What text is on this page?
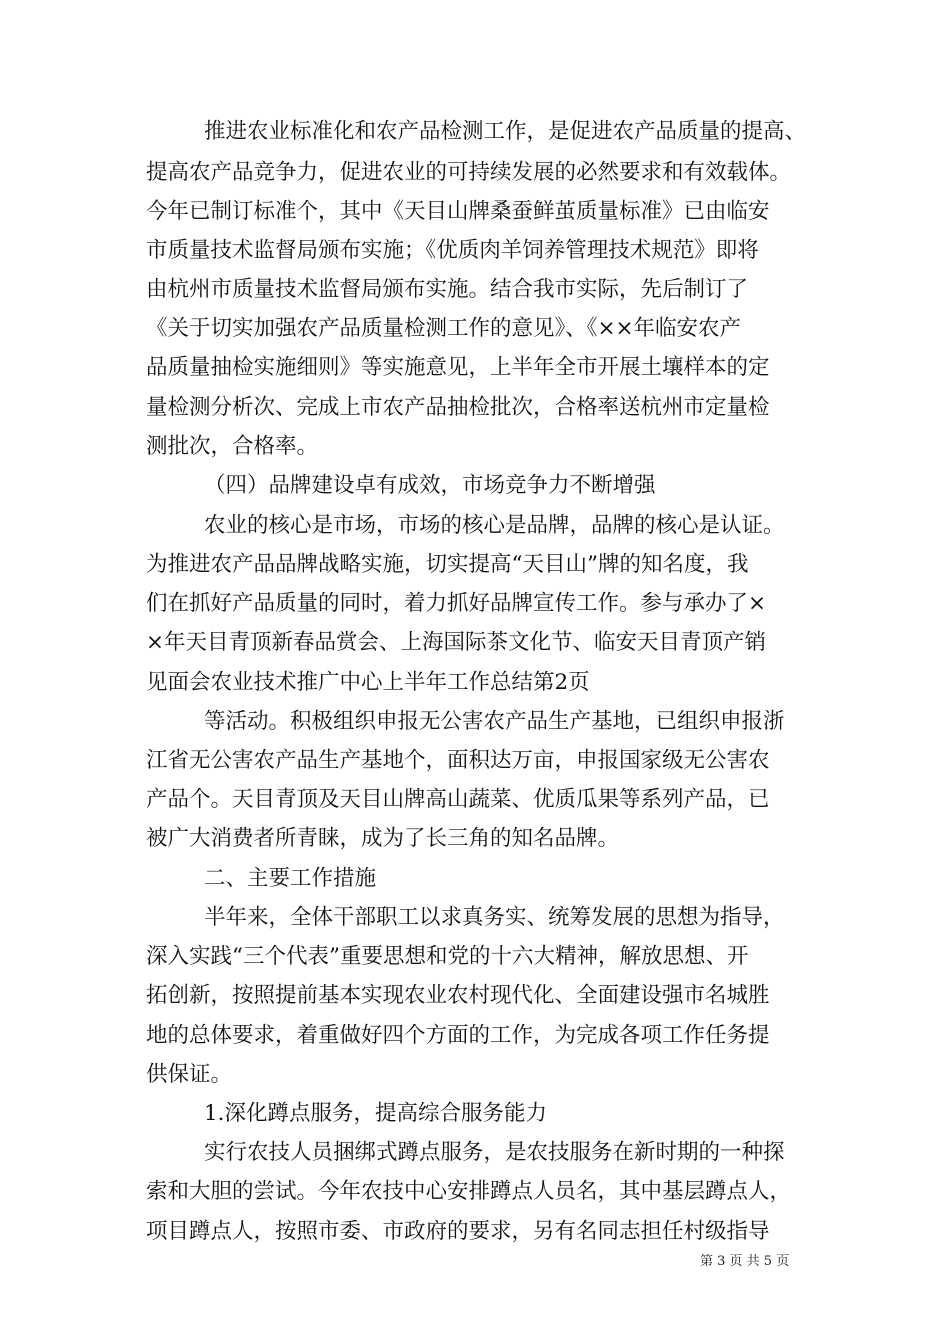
推进农业标准化和农产品检测工作，是促进农产品质量的提高、
提高农产品竞争力，促进农业的可持续发展的必然要求和有效载体。
今年已制订标准个，其中《天目山牌桑蚕鲜茧质量标准》已由临安
市质量技术监督局颁布实施；《优质肉羊饲养管理技术规范》即将
由杭州市质量技术监督局颁布实施。结合我市实际，先后制订了
《关于切实加强农产品质量检测工作的意见》、《××年临安农产
品质量抽检实施细则》等实施意见，上半年全市开展土壤样本的定
量检测分析次、完成上市农产品抽检批次，合格率送杭州市定量检
测批次，合格率。
（四）品牌建设卓有成效，市场竞争力不断增强
农业的核心是市场，市场的核心是品牌，品牌的核心是认证。
为推进农产品品牌战略实施，切实提高“天目山”牌的知名度，我
们在抓好产品质量的同时，着力抓好品牌宣传工作。参与承办了×
×年天目青顶新春品赏会、上海国际茶文化节、临安天目青顶产销
见面会农业技术推广中心上半年工作总结第2页
等活动。积极组织申报无公害农产品生产基地，已组织申报浙
江省无公害农产品生产基地个，面积达万亩，申报国家级无公害农
产品个。天目青顶及天目山牌高山蔬菜、优质瓜果等系列产品，已
被广大消费者所青睐，成为了长三角的知名品牌。
二、主要工作措施
半年来，全体干部职工以求真务实、统筹发展的思想为指导，
深入实践“三个代表”重要思想和党的十六大精神，解放思想、开
拓创新，按照提前基本实现农业农村现代化、全面建设强市名城胜
地的总体要求，着重做好四个方面的工作，为完成各项工作任务提
供保证。
1.深化蹲点服务，提高综合服务能力
实行农技人员捆绑式蹲点服务，是农技服务在新时期的一种探
索和大胆的尝试。今年农技中心安排蹲点人员名，其中基层蹲点人，
项目蹲点人，按照市委、市政府的要求，另有名同志担任村级指导
第 3 页 共 5 页
